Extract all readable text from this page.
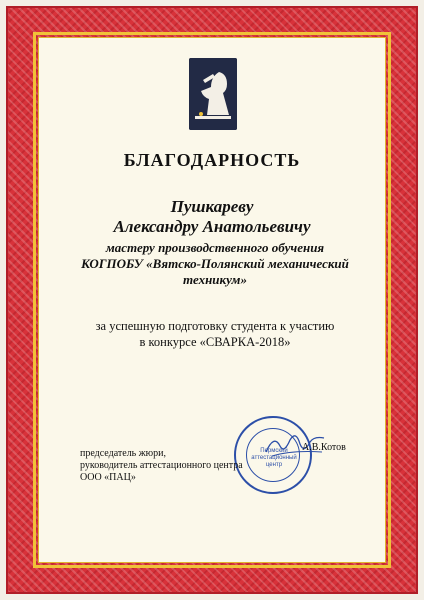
БЛАГОДАРНОСТЬ
Пушкареву
Александру Анатольевичу
мастеру производственного обучения
КОГПОБУ «Вятско-Полянский механический
техникум»
за успешную подготовку студента к участию
в конкурсе «СВАРКА-2018»
Пермский аттестационный центр
председатель жюри,
руководитель аттестационного центра
ООО «ПАЦ»
А.В.Котов
